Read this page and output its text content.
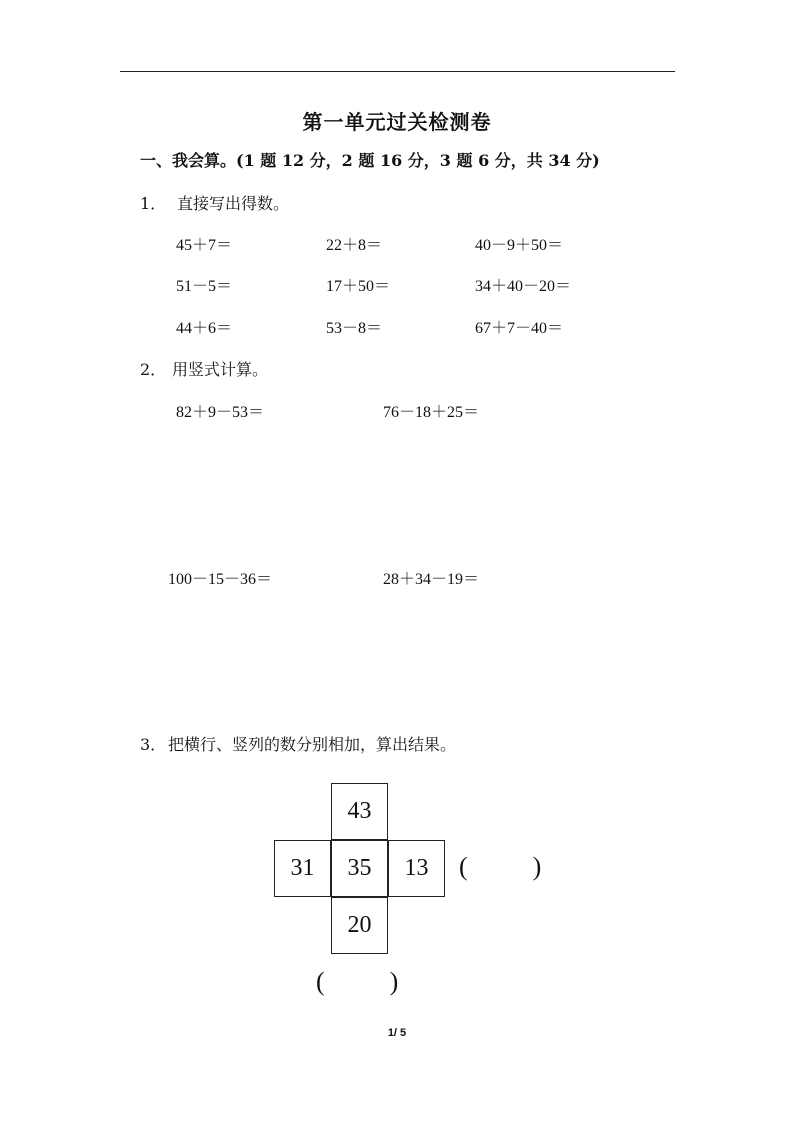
第一单元过关检测卷
一、我会算。(1 题 12 分，2 题 16 分，3 题 6 分，共 34 分)
1． 直接写出得数。
45＋7＝	22＋8＝	40－9＋50＝
51－5＝	17＋50＝	34＋40－20＝
44＋6＝	53－8＝	67＋7－40＝
2． 用竖式计算。
82＋9－53＝	76－18＋25＝
100－15－36＝	28＋34－19＝
3． 把横行、竖列的数分别相加，算出结果。
43
31	35	13
20
(          )
(          )
1/ 5
